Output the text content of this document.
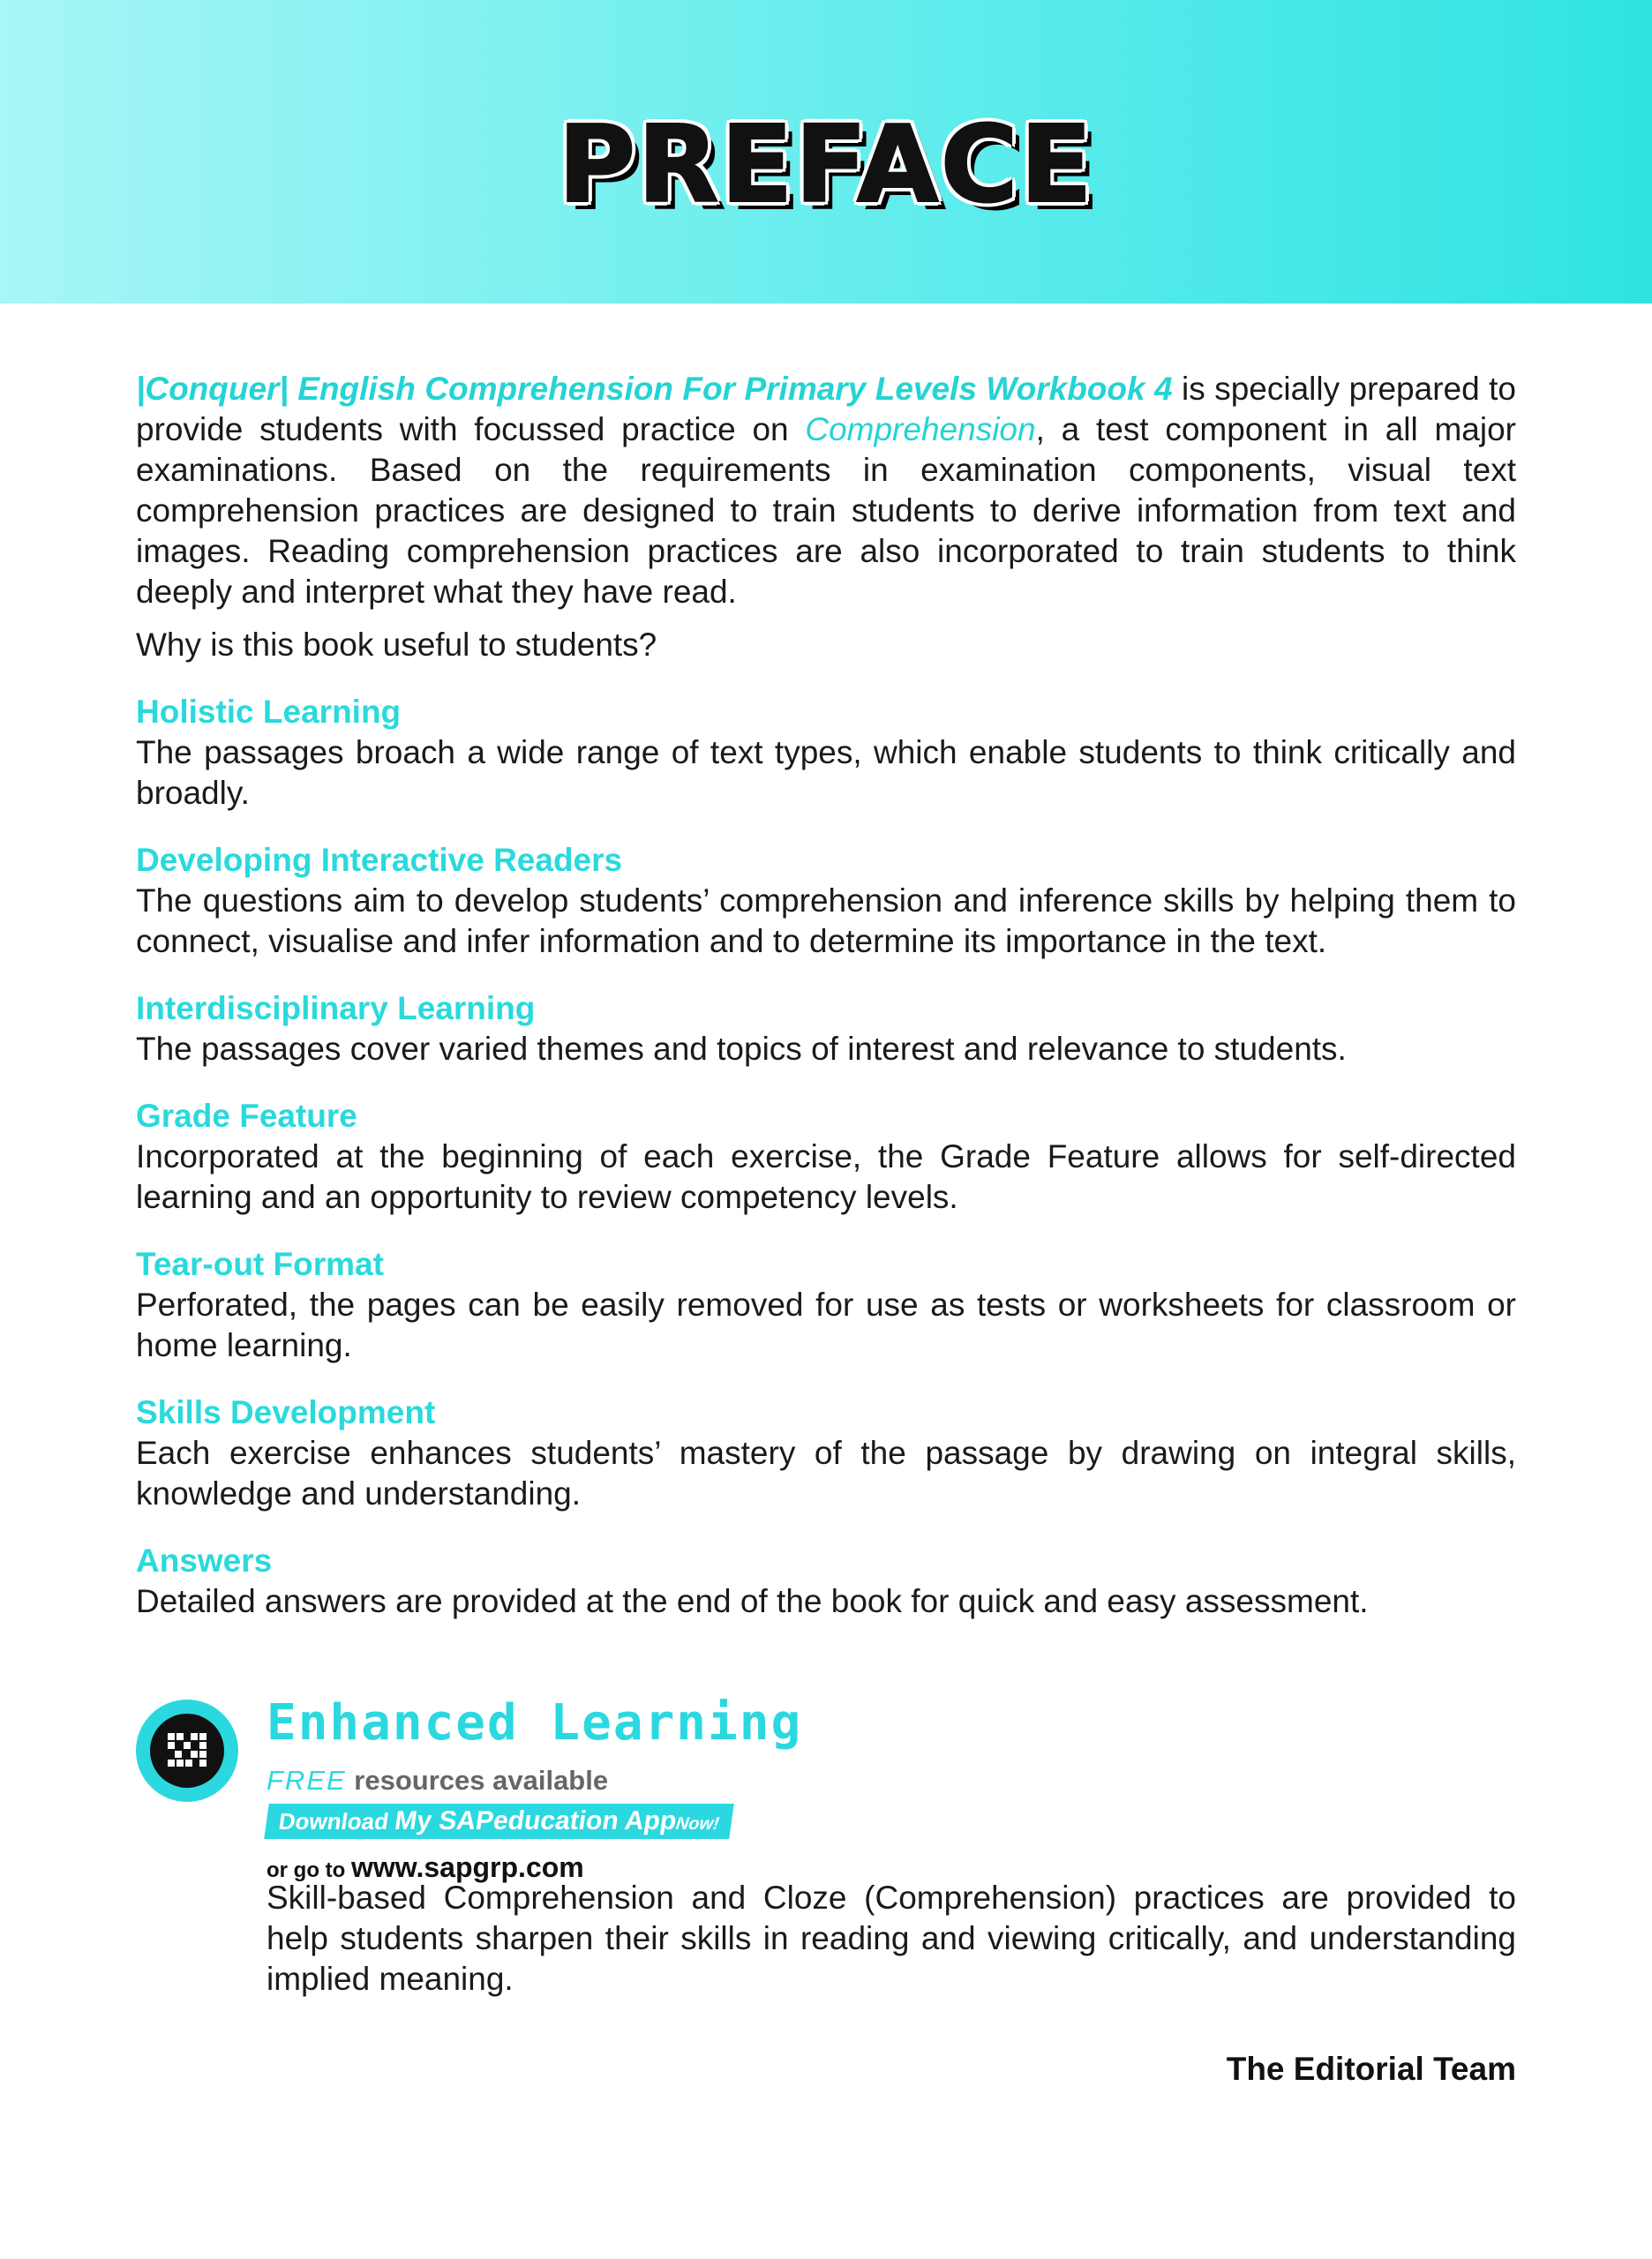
PREFACE

|Conquer| English Comprehension For Primary Levels Workbook 4 is specially prepared to provide students with focussed practice on Comprehension, a test component in all major examinations. Based on the requirements in examination components, visual text comprehension practices are designed to train students to derive information from text and images. Reading comprehension practices are also incorporated to train students to think deeply and interpret what they have read.

Why is this book useful to students?

Holistic Learning

The passages broach a wide range of text types, which enable students to think critically and broadly.

Developing Interactive Readers

The questions aim to develop students’ comprehension and inference skills by helping them to connect, visualise and infer information and to determine its importance in the text.

Interdisciplinary Learning

The passages cover varied themes and topics of interest and relevance to students.

Grade Feature

Incorporated at the beginning of each exercise, the Grade Feature allows for self-directed learning and an opportunity to review competency levels.

Tear-out Format

Perforated, the pages can be easily removed for use as tests or worksheets for classroom or home learning.

Skills Development

Each exercise enhances students’ mastery of the passage by drawing on integral skills, knowledge and understanding.

Answers

Detailed answers are provided at the end of the book for quick and easy assessment.

Enhanced Learning

FREE resources available
Download My SAPeducation AppNow!
or go to www.sapgrp.com

Skill-based Comprehension and Cloze (Comprehension) practices are provided to help students sharpen their skills in reading and viewing critically, and understanding implied meaning.

The Editorial Team
